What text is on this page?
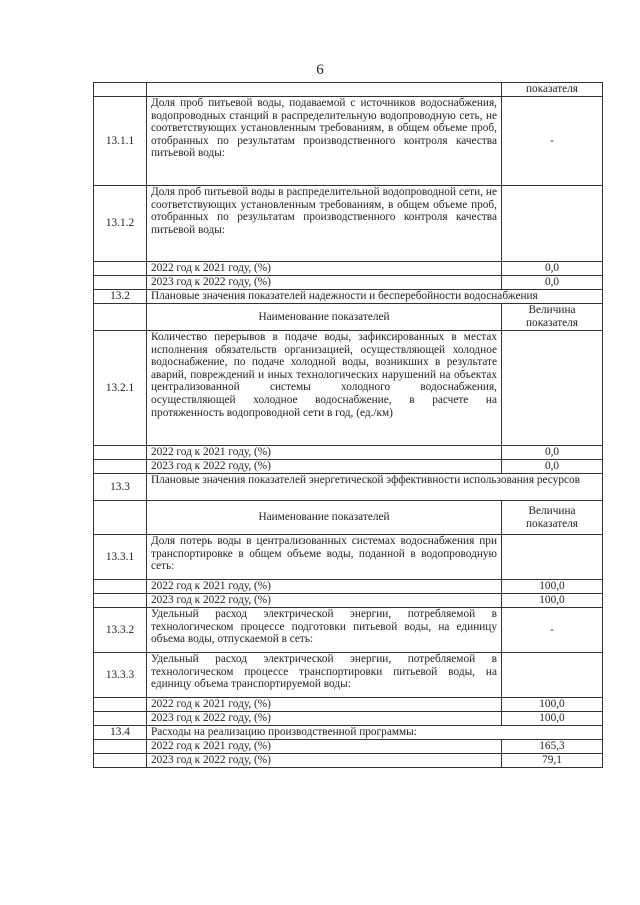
6
		показателя
13.1.1	Доля проб питьевой воды, подаваемой с источников водоснабжения, водопроводных станций в распределительную водопроводную сеть, не соответствующих установленным требованиям, в общем объеме проб, отобранных по результатам производственного контроля качества питьевой воды:	-
13.1.2	Доля проб питьевой воды в распределительной водопроводной сети, не соответствующих установленным требованиям, в общем объеме проб, отобранных по результатам производственного контроля качества питьевой воды:	
	2022 год к 2021 году, (%)	0,0
	2023 год к 2022 году, (%)	0,0
13.2	Плановые значения показателей надежности и бесперебойности водоснабжения	
	Наименование показателей	Величина показателя
13.2.1	Количество перерывов в подаче воды, зафиксированных в местах исполнения обязательств организацией, осуществляющей холодное водоснабжение, по подаче холодной воды, возникших в результате аварий, повреждений и иных технологических нарушений на объектах централизованной системы холодного водоснабжения, осуществляющей холодное водоснабжение, в расчете на протяженность водопроводной сети в год, (ед./км)	
	2022 год к 2021 году, (%)	0,0
	2023 год к 2022 году, (%)	0,0
13.3	Плановые значения показателей энергетической эффективности использования ресурсов	
	Наименование показателей	Величина показателя
13.3.1	Доля потерь воды в централизованных системах водоснабжения при транспортировке в общем объеме воды, поданной в водопроводную сеть:	
	2022 год к 2021 году, (%)	100,0
	2023 год к 2022 году, (%)	100,0
13.3.2	Удельный расход электрической энергии, потребляемой в технологическом процессе подготовки питьевой воды, на единицу объема воды, отпускаемой в сеть:	-
13.3.3	Удельный расход электрической энергии, потребляемой в технологическом процессе транспортировки питьевой воды, на единицу объема транспортируемой воды:	
	2022 год к 2021 году, (%)	100,0
	2023 год к 2022 году, (%)	100,0
13.4	Расходы на реализацию производственной программы:	
	2022 год к 2021 году, (%)	165,3
	2023 год к 2022 году, (%)	79,1
